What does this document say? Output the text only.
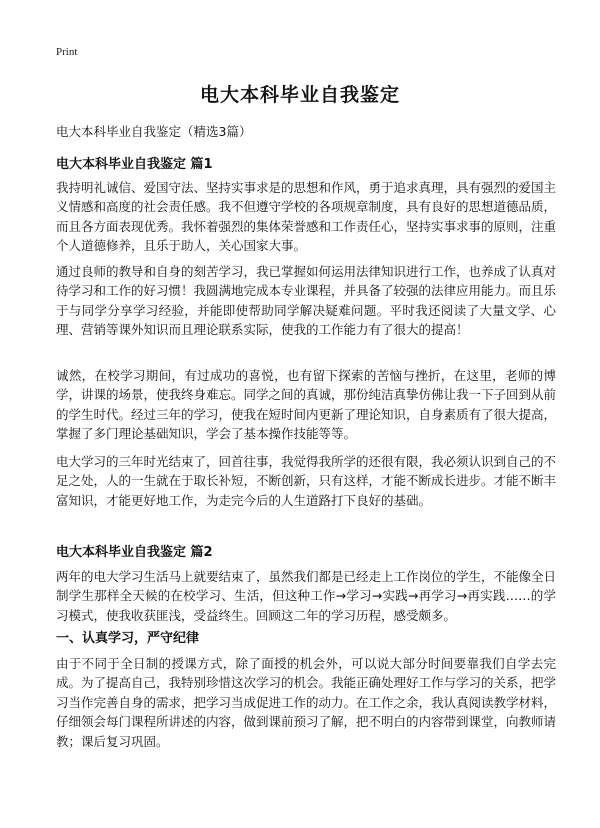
Print
电大本科毕业自我鉴定
电大本科毕业自我鉴定（精选3篇）
电大本科毕业自我鉴定 篇1

我持明礼诚信、爱国守法、坚持实事求是的思想和作风，勇于追求真理，具有强烈的爱国主义情感和高度的社会责任感。我不但遵守学校的各项规章制度，具有良好的思想道德品质，而且各方面表现优秀。我怀着强烈的集体荣誉感和工作责任心，坚持实事求事的原则，注重个人道德修养，且乐于助人，关心国家大事。

通过良师的教导和自身的刻苦学习，我已掌握如何运用法律知识进行工作，也养成了认真对待学习和工作的好习惯！我圆满地完成本专业课程，并具备了较强的法律应用能力。而且乐于与同学分享学习经验，并能即使帮助同学解决疑难问题。平时我还阅读了大量文学、心理、营销等课外知识而且理论联系实际，使我的工作能力有了很大的提高！

诚然，在校学习期间，有过成功的喜悦，也有留下探索的苦恼与挫折，在这里，老师的博学，讲课的场景，使我终身难忘。同学之间的真诚，那份纯洁真挚仿佛让我一下子回到从前的学生时代。经过三年的学习，使我在短时间内更新了理论知识，自身素质有了很大提高，掌握了多门理论基础知识，学会了基本操作技能等等。

电大学习的三年时光结束了，回首往事，我觉得我所学的还很有限，我必须认识到自己的不足之处，人的一生就在于取长补短，不断创新，只有这样，才能不断成长进步。才能不断丰富知识，才能更好地工作，为走完今后的人生道路打下良好的基础。

电大本科毕业自我鉴定 篇2

两年的电大学习生活马上就要结束了，虽然我们都是已经走上工作岗位的学生，不能像全日制学生那样全天候的在校学习、生活，但这种工作→学习→实践→再学习→再实践……的学习模式，使我收获匪浅，受益终生。回顾这二年的学习历程，感受颇多。

一、认真学习，严守纪律

由于不同于全日制的授课方式，除了面授的机会外，可以说大部分时间要靠我们自学去完成。为了提高自己，我特别珍惜这次学习的机会。我能正确处理好工作与学习的关系，把学习当作完善自身的需求，把学习当成促进工作的动力。在工作之余，我认真阅读教学材料，仔细领会每门课程所讲述的内容，做到课前预习了解，把不明白的内容带到课堂，向教师请教；课后复习巩固。
